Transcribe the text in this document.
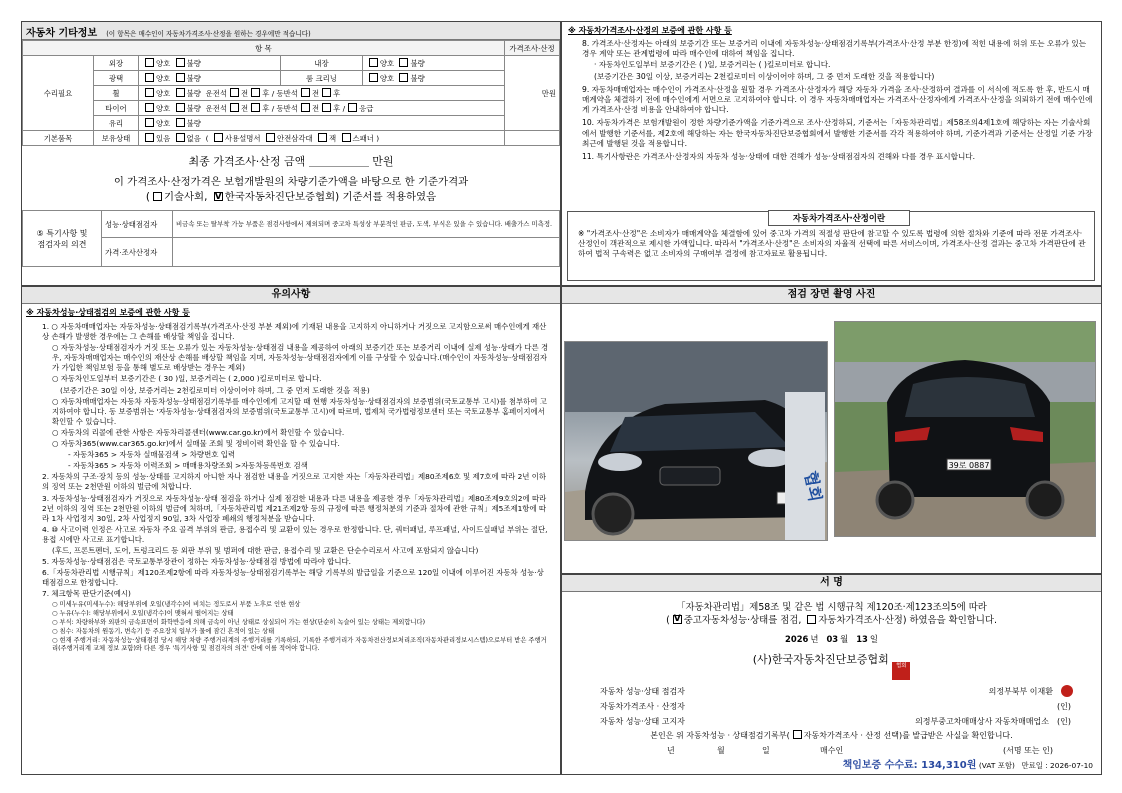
자동차 기타정보 (이 항목은 매수인이 자동차가격조사·산정을 원하는 경우에만 적습니다)
항 목					가격조사·산정
수리필요	외장	양호 불량	내장	양호 불량	만원
	광택	양호 불량	룸 크리닝	양호 불량	
	휠	양호 불량 운전석 전 후 / 동반석 전 후			
	타이어	양호 불량 운전석 전 후 / 동반석 전 후 / 응급			
	유리	양호 불량			

기본품목	보유상태	있음 없음 ( 사용설명서 안전삼각대 잭 스패너 )			
최종 가격조사·산정 금액	만원
이 가격조사·산정가격은 보험개발원의 차량기준가액을 바탕으로 한 기준가격과
( 기술사회, V 한국자동차진단보증협회) 기준서를 적용하였음
⑤ 특기사항 및
점검자의 의견	성능·상태점검자	비금속 또는 탈부착 가능 부품은 점검사항에서 제외되며 중고차 특성상 부분적인 판금, 도색, 부식은 있을 수 있습니다. 배출가스 미측정.
	가격·조사산정자	
※ 자동차가격조사·산정의 보증에 관한 사항 등

8. 가격조사·산정자는 아래의 보증기간 또는 보증거리 이내에 자동차성능·상태점검기록부(가격조사·산정 부분 한정)에 적힌 내용에 허위 또는 오류가 있는 경우 계약 또는 관계법령에 따라 매수인에 대하여 책임을 집니다.

· 자동차인도일부터 보증기간은 ( )일, 보증거리는 ( )킬로미터로 합니다.

(보증기간은 30일 이상, 보증거리는 2천킬로미터 이상이어야 하며, 그 중 먼저 도래한 것을 적용합니다)

9. 자동차매매업자는 매수인이 가격조사·산정을 원할 경우 가격조사·산정자가 해당 자동차 가격을 조사·산정하여 결과를 이 서식에 적도록 한 후, 반드시 매매계약을 체결하기 전에 매수인에게 서면으로 고지하여야 합니다. 이 경우 자동차매매업자는 가격조사·산정자에게 가격조사·산정을 의뢰하기 전에 매수인에게 가격조사·산정 비용을 안내하여야 합니다.

10. 자동차가격은 보험개발원이 정한 차량기준가액을 기준가격으로 조사·산정하되, 기준서는「자동차관리법」제58조의4제1호에 해당하는 자는 기술사회에서 발행한 기준서를, 제2호에 해당하는 자는 한국자동차진단보증협회에서 발행한 기준서를 각각 적용하여야 하며, 기준가격과 기준서는 산정일 기준 가장 최근에 발행된 것을 적용합니다.

11. 특기사항란은 가격조사·산정자의 자동차 성능·상태에 대한 견해가 성능·상태점검자의 견해와 다를 경우 표시합니다.

자동차가격조사·산정이란
※ "가격조사·산정"은 소비자가 매매계약을 체결함에 있어 중고차 가격의 적절성 판단에 참고할 수 있도록 법령에 의한 절차와 기준에 따라 전문 가격조사·산정인이 객관적으로 제시한 가액입니다. 따라서 "가격조사·산정"은 소비자의 자율적 선택에 따른 서비스이며, 가격조사·산정 결과는 중고차 가격판단에 관하여 법적 구속력은 없고 소비자의 구매여부 결정에 참고자료로 활용됩니다.
유의사항
※ 자동차성능·상태점검의 보증에 관한 사항 등

1. ○ 자동차매매업자는 자동차성능·상태점검기록부(가격조사·산정 부분 제외)에 기재된 내용을 고지하지 아니하거나 거짓으로 고지함으로써 매수인에게 재산상 손해가 발생한 경우에는 그 손해를 배상할 책임을 집니다.

○ 자동차성능·상태점검자가 거짓 또는 오류가 있는 자동차성능·상태점검 내용을 제공하여 아래의 보증기간 또는 보증거리 이내에 실제 성능·상태가 다른 경우, 자동차매매업자는 매수인의 재산상 손해를 배상할 책임을 지며, 자동차성능·상태점검자에게 이를 구상할 수 있습니다.(매수인이 자동차성능·상태점검자가 가입한 책임보험 등을 통해 별도로 배상받는 경우는 제외)

○ 자동차인도일부터 보증기간은 ( 30 )일, 보증거리는 ( 2,000 )킬로미터로 합니다.

(보증기간은 30일 이상, 보증거리는 2천킬로미터 이상이어야 하며, 그 중 먼저 도래한 것을 적용)

○ 자동차매매업자는 자동차 자동차성능·상태점검기록부를 매수인에게 고지할 때 현행 자동차성능·상태점검자의 보증범위(국토교통부 고시)를 첨부하여 고지하여야 합니다. 동 보증범위는 '자동차성능·상태점검자의 보증범위(국토교통부 고시)에 따르며, 법제처 국가법령정보센터 또는 국토교통부 홈페이지에서 확인할 수 있습니다.

○ 자동차의 리콜에 관한 사항은 자동차리콜센터(www.car.go.kr)에서 확인할 수 있습니다.

○ 자동차365(www.car365.go.kr)에서 실매물 조회 및 정비이력 확인을 할 수 있습니다.

- 자동차365 > 자동차 실매물검색 > 차량번호 입력

- 자동차365 > 자동차 이력조회 > 매매용차량조회 >자동차등록번호 검색

2. 자동차의 구조·장치 등의 성능·상태를 고지하지 아니한 자나 점검한 내용을 거짓으로 고지한 자는「자동차관리법」제80조제6호 및 제7호에 따라 2년 이하의 징역 또는 2천만원 이하의 벌금에 처합니다.

3. 자동차성능·상태점검자가 거짓으로 자동차성능·상태 점검을 하거나 실제 점검한 내용과 다른 내용을 제공한 경우「자동차관리법」제80조제9호의2에 따라 2년 이하의 징역 또는 2천만원 이하의 벌금에 처하며,「자동차관리법 제21조제2항 등의 규정에 따른 행정처분의 기준과 절차에 관한 규칙」제5조제1항에 따라 1차 사업정지 30일, 2차 사업정지 90일, 3차 사업장 폐쇄의 행정처분을 받습니다.

4. ⑩ 사고이력 인정은 사고로 자동차 주요 골격 부위의 판금, 용접수리 및 교환이 있는 경우로 한정합니다. 단, 쿼터패널, 루프패널, 사이드실패널 부위는 절단, 용접 시에만 사고로 표기합니다.

(후드, 프론트펜더, 도어, 트렁크리드 등 외판 부위 및 범퍼에 대한 판금, 용접수리 및 교환은 단순수리로서 사고에 포함되지 않습니다)

5. 자동차성능·상태점검은 국토교통부장관이 정하는 자동차성능·상태점검 방법에 따라야 합니다.

6.「자동차관리법 시행규칙」제120조제2항에 따라 자동차성능·상태점검기록부는 해당 기록부의 발급일을 기준으로 120일 이내에 이루어진 자동차 성능·상태점검으로 한정합니다.

7. 체크항목 판단기준(예시)

○ 미세누유(미세누수): 해당부위에 오일(냉각수)이 비치는 정도로서 부품 노후로 인한 현상

○ 누유(누수): 해당부위에서 오일(냉각수)이 맺혀서 떨어지는 상태

○ 부식: 차량하부와 외판의 금속표면이 화학반응에 의해 금속이 아닌 상태로 상실되어 가는 현상(단순히 녹슬어 있는 상태는 제외합니다)

○ 침수: 자동차의 원동기, 변속기 등 주요장치 일부가 물에 잠긴 흔적이 있는 상태

○ 현재 주행거리: 자동차성능·상태점검 당시 해당 차량 주행거리계의 주행거리를 기록하되, 기록한 주행거리가 자동차전산정보처리조직(자동차관리정보시스템)으로부터 받은 주행거리(주행거리계 교체 정보 포함)와 다른 경우 '특기사항 및 점검자의 의견' 란에 이를 적어야 합니다.

점검 장면 촬영 사진
협회
39로 0887
서 명
「자동차관리법」제58조 및 같은 법 시행규칙 제120조·제123조의5에 따라
( V 중고자동차성능·상태를 점검, 자동차가격조사·산정) 하였음을 확인합니다.
2026 년 03 월 13 일
(사)한국자동차진단보증협회 협회
자동차 성능·상태 점검자	의정부북부 이재환
자동차가격조사 · 산정자	(인)
자동차 성능·상태 고지자	의정부중고차매매상사 자동차매매업소 (인)
본인은 위 자동차성능 · 상태점검기록부( 자동차가격조사 · 산정 선택)를 발급받은 사실을 확인합니다.
년	월	일	매수인	(서명 또는 인)
책임보증 수수료: 134,310원 (VAT 포함) 만료일 : 2026-07-10
